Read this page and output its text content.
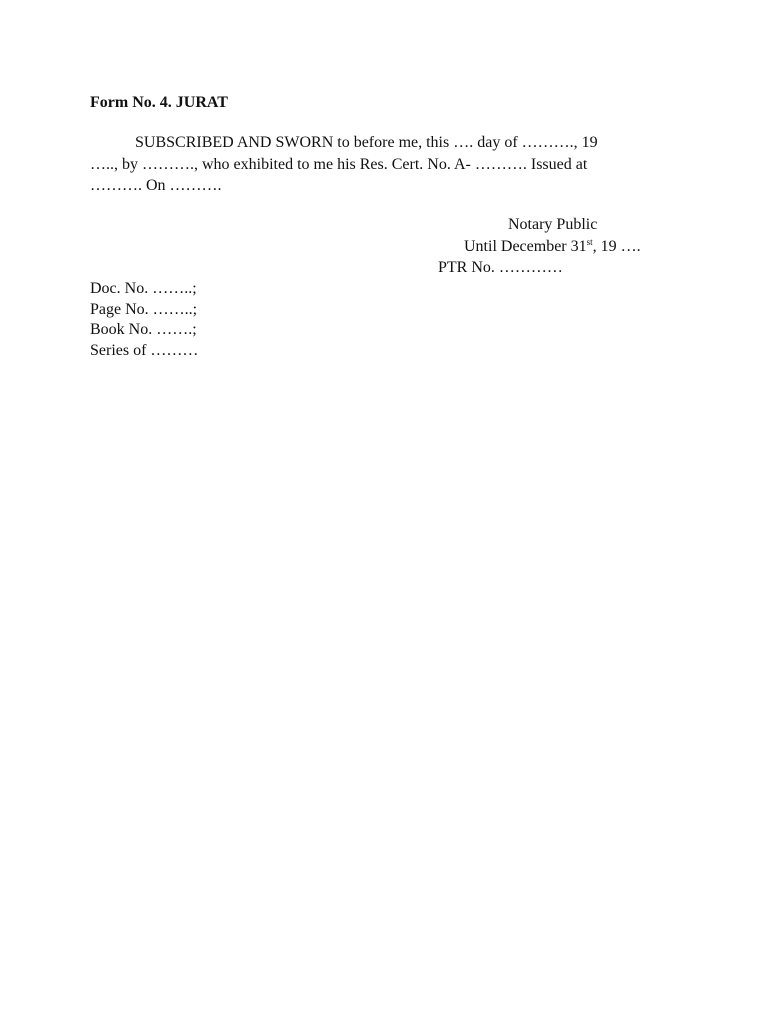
Form No. 4. JURAT
SUBSCRIBED AND SWORN to before me, this …. day of ………., 19
….., by ………., who exhibited to me his Res. Cert. No. A- ………. Issued at
………. On ……….
Notary Public
Until December 31st, 19 ….
PTR No. …………
Doc. No. ……..;
Page No. ……..;
Book No. …….;
Series of ………
